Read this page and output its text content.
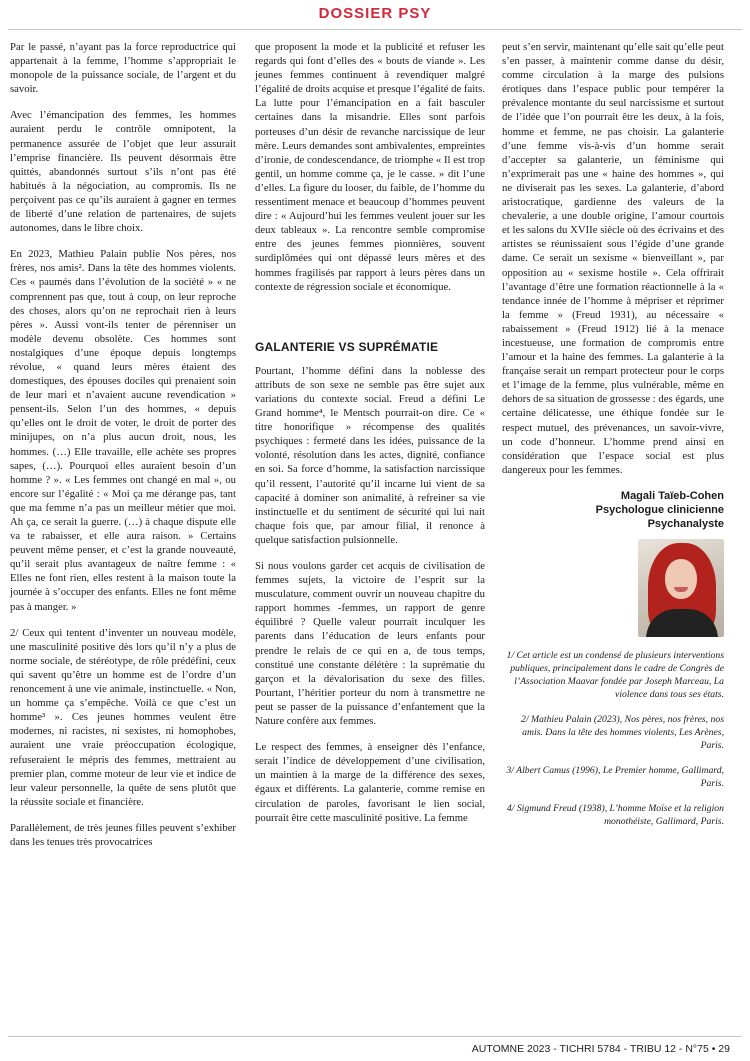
DOSSIER PSY

Par le passé, n’ayant pas la force reproductrice qui appartenait à la femme, l’homme s’appropriait le monopole de la puissance sociale, de l’argent et du savoir.

Avec l’émancipation des femmes, les hommes auraient perdu le contrôle omnipotent, la permanence assurée de l’objet que leur assurait l’emprise financière. Ils peuvent désormais être quittés, abandonnés surtout s’ils n’ont pas été habitués à la négociation, au compromis. Ils ne perçoivent pas ce qu’ils auraient à gagner en termes de liberté d’une relation de partenaires, de sujets autonomes, dans le libre choix.

En 2023, Mathieu Palain publie Nos pères, nos frères, nos amis². Dans la tête des hommes violents. Ces « paumés dans l’évolution de la société » « ne comprennent pas que, tout à coup, on leur reproche des choses, alors qu’on ne reprochait rien à leurs pères ». Aussi vont-ils tenter de pérenniser un modèle devenu obsolète. Ces hommes sont nostalgiques d’une époque depuis longtemps révolue, « quand leurs mères étaient des domestiques, des épouses dociles qui prenaient soin de leur mari et n’avaient aucune revendication » pensent-ils. Selon l’un des hommes, « depuis qu’elles ont le droit de voter, le droit de porter des minijupes, on n’a plus aucun droit, nous, les hommes. (…) Elle travaille, elle achète ses propres sapes, (…). Pourquoi elles auraient besoin d’un homme ? ». « Les femmes ont changé en mal », ou encore sur l’égalité : « Moi ça me dérange pas, tant que ma femme n’a pas un meilleur métier que moi. Ah ça, ce serait la guerre. (…) à chaque dispute elle va te rabaisser, et elle aura raison. » Certains peuvent même penser, et c’est la grande nouveauté, qu’il serait plus avantageux de naître femme : « Elles ne font rien, elles restent à la maison toute la journée à s’occuper des enfants. Elles ne font même pas à manger. »

2/ Ceux qui tentent d’inventer un nouveau modèle, une masculinité positive dès lors qu’il n’y a plus de norme sociale, de stéréotype, de rôle prédéfini, ceux qui savent qu’être un homme est de l’ordre d’un renoncement à une vie animale, instinctuelle. « Non, un homme ça s’empêche. Voilà ce que c’est un homme³ ». Ces jeunes hommes veulent être modernes, ni racistes, ni sexistes, ni homophobes, auraient une vraie préoccupation écologique, refuseraient le mépris des femmes, mettraient au premier plan, comme moteur de leur vie et indice de leur valeur personnelle, la quête de sens plutôt que la réussite sociale et financière.

Parallèlement, de très jeunes filles peuvent s’exhiber dans les tenues très provocatrices

que proposent la mode et la publicité et refuser les regards qui font d’elles des « bouts de viande ». Les jeunes femmes continuent à revendiquer malgré l’égalité de droits acquise et presque l’égalité de faits. La lutte pour l’émancipation en a fait basculer certaines dans la misandrie. Elles sont parfois porteuses d’un désir de revanche narcissique de leur mère. Leurs demandes sont ambivalentes, empreintes d’ironie, de condescendance, de triomphe « Il est trop gentil, un homme comme ça, je le casse. » dit l’une d’elles. La figure du looser, du faible, de l’homme du ressentiment menace et beaucoup d’hommes peuvent dire : « Aujourd’hui les femmes veulent jouer sur les deux tableaux ». La rencontre semble compromise entre des jeunes femmes pionnières, souvent surdiplômées qui ont dépassé leurs mères et des hommes fragilisés par rapport à leurs pères dans un contexte de régression sociale et économique.

GALANTERIE VS SUPRÉMATIE

Pourtant, l’homme défini dans la noblesse des attributs de son sexe ne semble pas être sujet aux variations du contexte social. Freud a défini Le Grand homme⁴, le Mentsch pourrait-on dire. Ce « titre honorifique » récompense des qualités psychiques : fermeté dans les idées, puissance de la volonté, résolution dans les actes, dignité, confiance en soi. Sa force d’homme, la satisfaction narcissique qu’il ressent, l’autorité qu’il incarne lui vient de sa capacité à dominer son animalité, à refreiner sa vie instinctuelle et du sentiment de sécurité qui lui nait chaque fois que, par amour filial, il renonce à quelque satisfaction pulsionnelle.

Si nous voulons garder cet acquis de civilisation de femmes sujets, la victoire de l’esprit sur la musculature, comment ouvrir un nouveau chapitre du rapport hommes -femmes, un rapport de genre équilibré ? Quelle valeur pourrait inculquer les parents dans l’éducation de leurs enfants pour prendre le relais de ce qui en a, de tous temps, constitué une constante délétère : la suprématie du garçon et la dévalorisation du sexe des filles. Pourtant, l’héritier porteur du nom à transmettre ne peut se passer de la puissance d’enfantement que la Nature confère aux femmes.

Le respect des femmes, à enseigner dès l’enfance, serait l’indice de développement d’une civilisation, un maintien à la marge de la différence des sexes, égaux et différents. La galanterie, comme remise en circulation de paroles, favorisant le lien social, pourrait être cette masculinité positive. La femme

peut s’en servir, maintenant qu’elle sait qu’elle peut s’en passer, à maintenir comme danse du désir, comme circulation à la marge des pulsions érotiques dans l’espace public pour tempérer la prévalence montante du seul narcissisme et surtout de l’idée que l’on pourrait être les deux, à la fois, homme et femme, ne pas choisir. La galanterie d’une femme vis-à-vis d’un homme serait d’accepter sa galanterie, un féminisme qui n’exprimerait pas une « haine des hommes », qui ne diviserait pas les sexes. La galanterie, d’abord aristocratique, gardienne des valeurs de la chevalerie, a une double origine, l’amour courtois et les salons du XVIIe siècle où des écrivains et des artistes se réunissaient sous l’égide d’une grande dame. Ce serait un sexisme « bienveillant », par opposition au « sexisme hostile ». Cela offrirait l’avantage d’être une formation réactionnelle à la « tendance innée de l’homme à mépriser et réprimer la femme » (Freud 1931), au nécessaire « rabaissement » (Freud 1912) lié à la menace incestueuse, une formation de compromis entre l’amour et la haine des femmes. La galanterie à la française serait un rempart protecteur pour le corps et l’image de la femme, plus vulnérable, même en dehors de sa situation de grossesse : des égards, une certaine délicatesse, une éthique fondée sur le respect mutuel, des prévenances, un savoir-vivre, un code d’honneur. L’homme prend ainsi en considération que l’espace social est plus dangereux pour les femmes.

Magali Taïeb-Cohen
Psychologue clinicienne
Psychanalyste

1/ Cet article est un condensé de plusieurs interventions publiques, principalement dans le cadre de Congrès de l’Association Maavar fondée par Joseph Marceau, La violence dans tous ses états.

2/ Mathieu Palain (2023), Nos pères, nos frères, nos amis. Dans la tête des hommes violents, Les Arènes, Paris.

3/ Albert Camus (1996), Le Premier homme, Gallimard, Paris.

4/ Sigmund Freud (1938), L’homme Moïse et la religion monothéiste, Gallimard, Paris.

AUTOMNE 2023 - TICHRI 5784 - TRIBU 12 - N°75 • 29
